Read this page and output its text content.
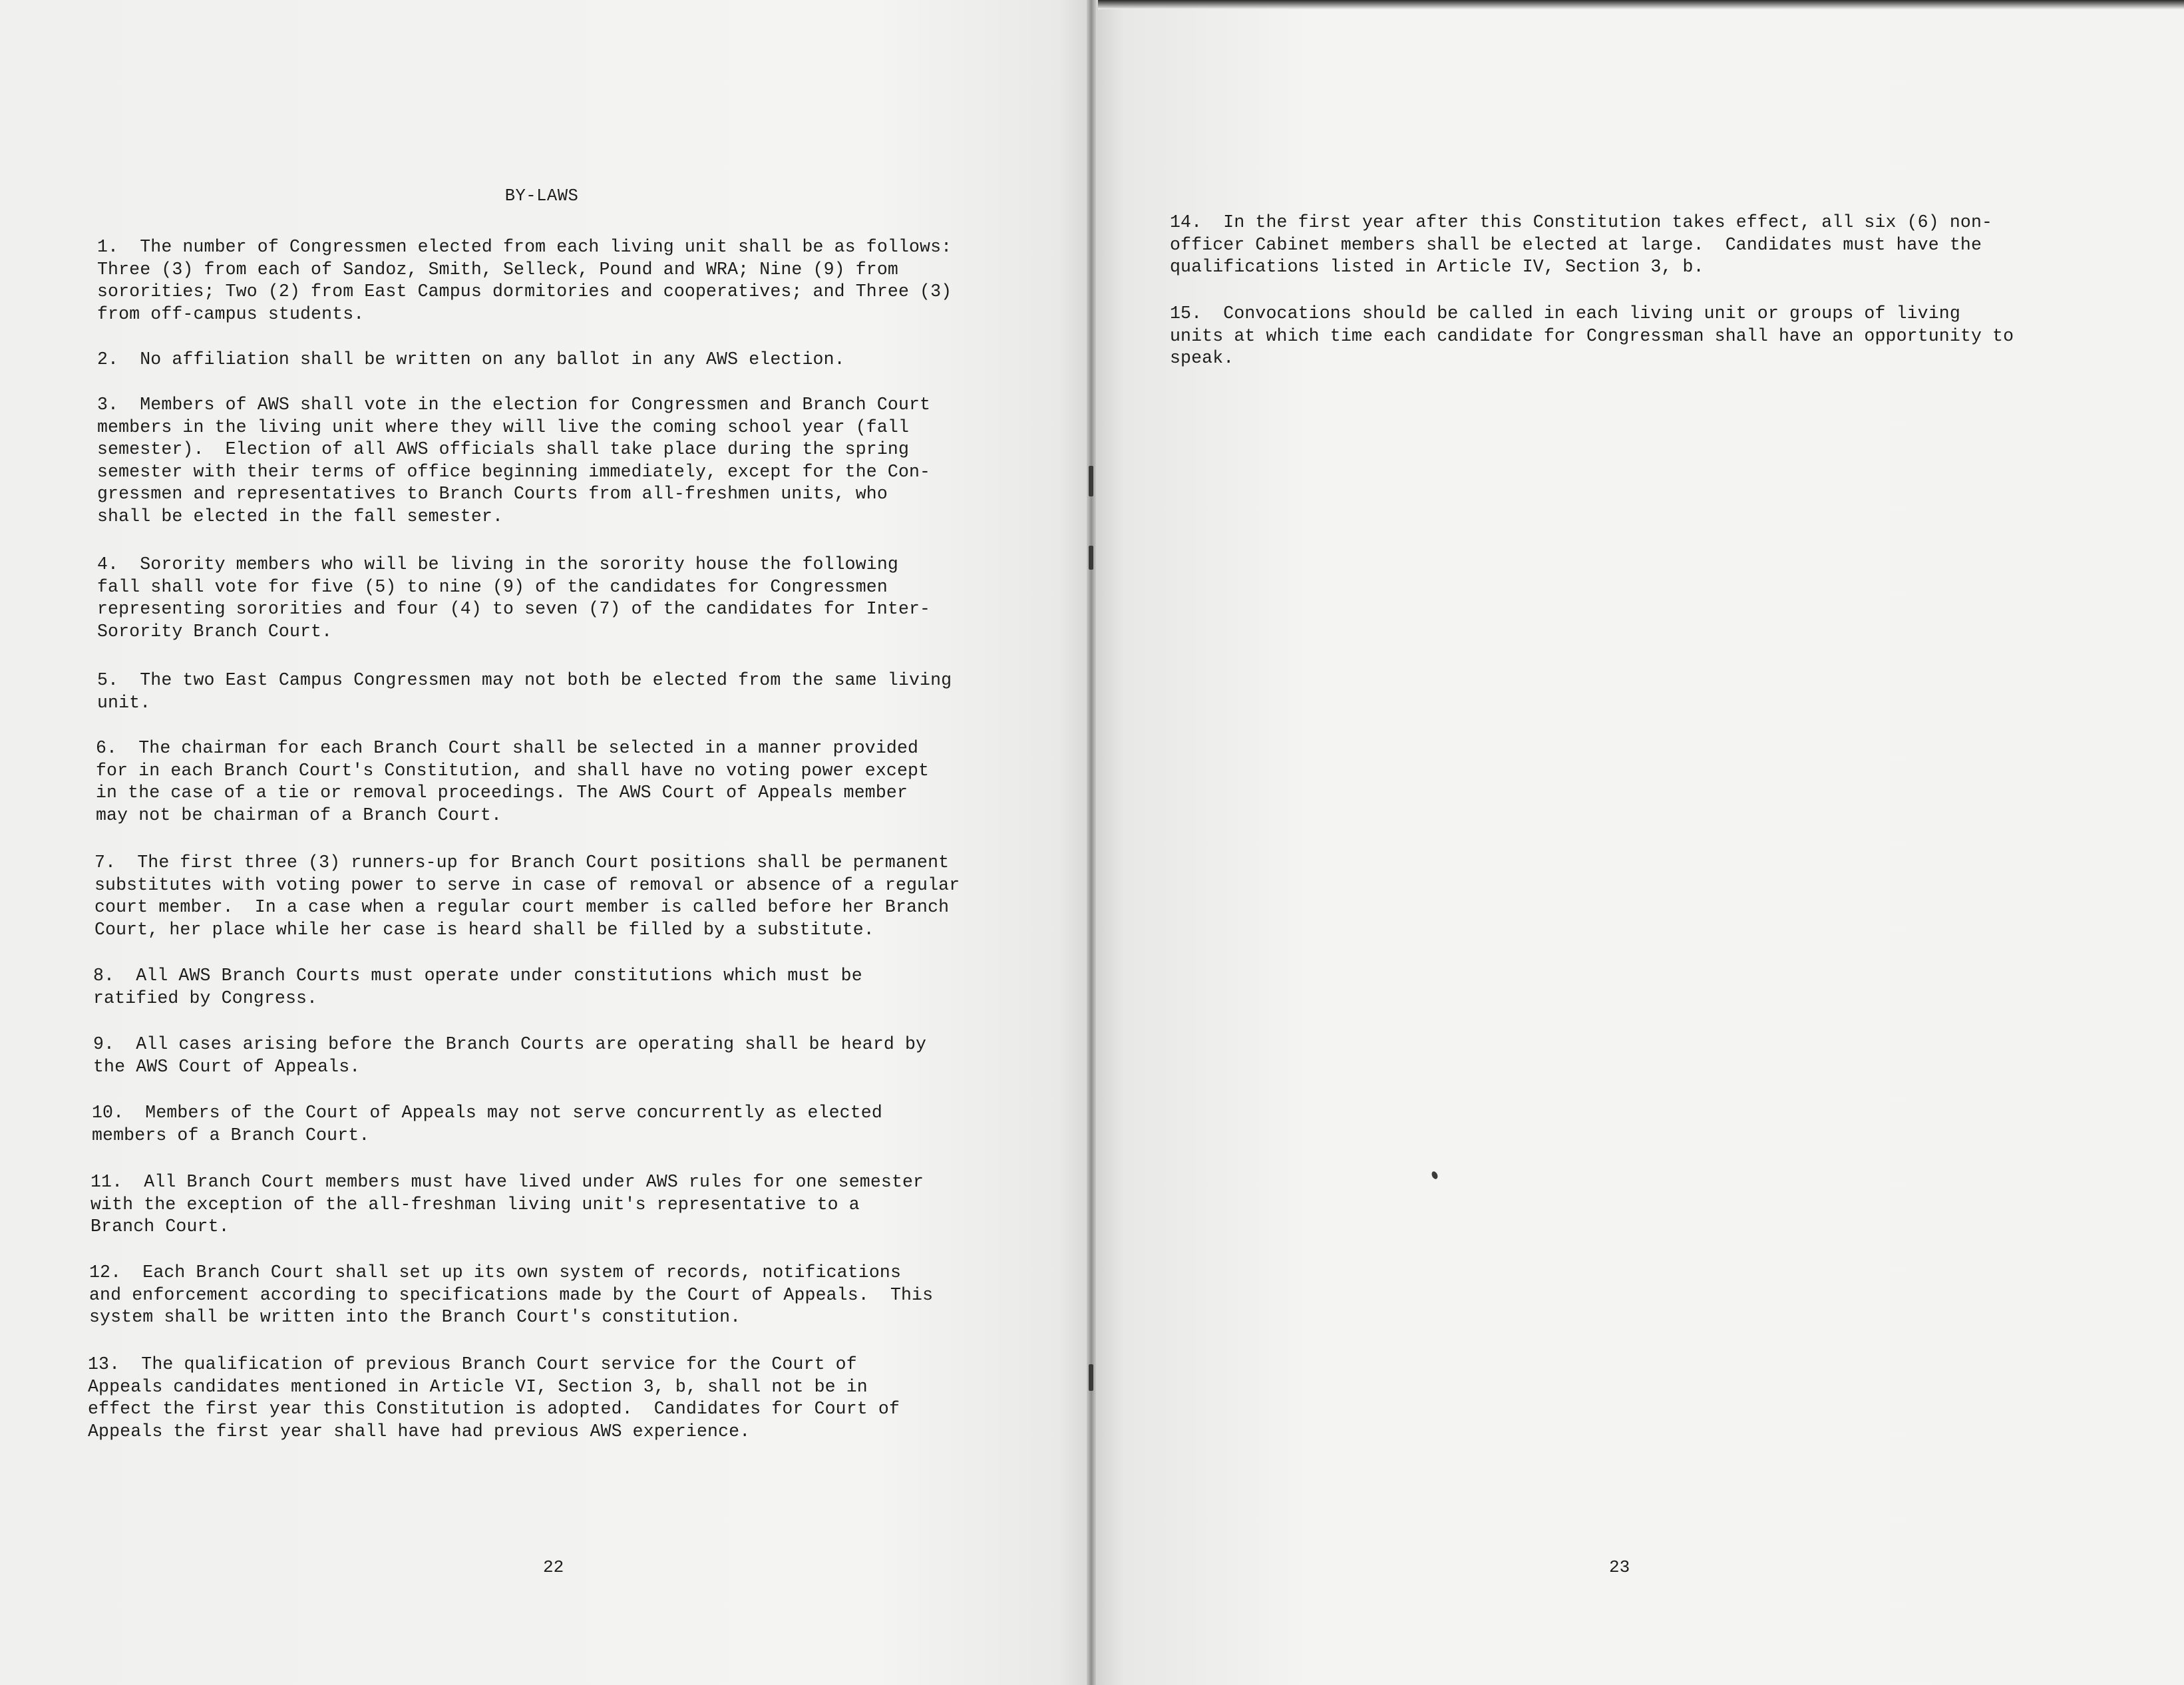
BY-LAWS
1.  The number of Congressmen elected from each living unit shall be as follows:
Three (3) from each of Sandoz, Smith, Selleck, Pound and WRA; Nine (9) from
sororities; Two (2) from East Campus dormitories and cooperatives; and Three (3)
from off-campus students.
2.  No affiliation shall be written on any ballot in any AWS election.
3.  Members of AWS shall vote in the election for Congressmen and Branch Court
members in the living unit where they will live the coming school year (fall
semester).  Election of all AWS officials shall take place during the spring
semester with their terms of office beginning immediately, except for the Con-
gressmen and representatives to Branch Courts from all-freshmen units, who
shall be elected in the fall semester.
4.  Sorority members who will be living in the sorority house the following
fall shall vote for five (5) to nine (9) of the candidates for Congressmen
representing sororities and four (4) to seven (7) of the candidates for Inter-
Sorority Branch Court.
5.  The two East Campus Congressmen may not both be elected from the same living
unit.
6.  The chairman for each Branch Court shall be selected in a manner provided
for in each Branch Court's Constitution, and shall have no voting power except
in the case of a tie or removal proceedings. The AWS Court of Appeals member
may not be chairman of a Branch Court.
7.  The first three (3) runners-up for Branch Court positions shall be permanent
substitutes with voting power to serve in case of removal or absence of a regular
court member.  In a case when a regular court member is called before her Branch
Court, her place while her case is heard shall be filled by a substitute.
8.  All AWS Branch Courts must operate under constitutions which must be
ratified by Congress.
9.  All cases arising before the Branch Courts are operating shall be heard by
the AWS Court of Appeals.
10.  Members of the Court of Appeals may not serve concurrently as elected
members of a Branch Court.
11.  All Branch Court members must have lived under AWS rules for one semester
with the exception of the all-freshman living unit's representative to a
Branch Court.
12.  Each Branch Court shall set up its own system of records, notifications
and enforcement according to specifications made by the Court of Appeals.  This
system shall be written into the Branch Court's constitution.
13.  The qualification of previous Branch Court service for the Court of
Appeals candidates mentioned in Article VI, Section 3, b, shall not be in
effect the first year this Constitution is adopted.  Candidates for Court of
Appeals the first year shall have had previous AWS experience.
22
14.  In the first year after this Constitution takes effect, all six (6) non-
officer Cabinet members shall be elected at large.  Candidates must have the
qualifications listed in Article IV, Section 3, b.
15.  Convocations should be called in each living unit or groups of living
units at which time each candidate for Congressman shall have an opportunity to
speak.
23
